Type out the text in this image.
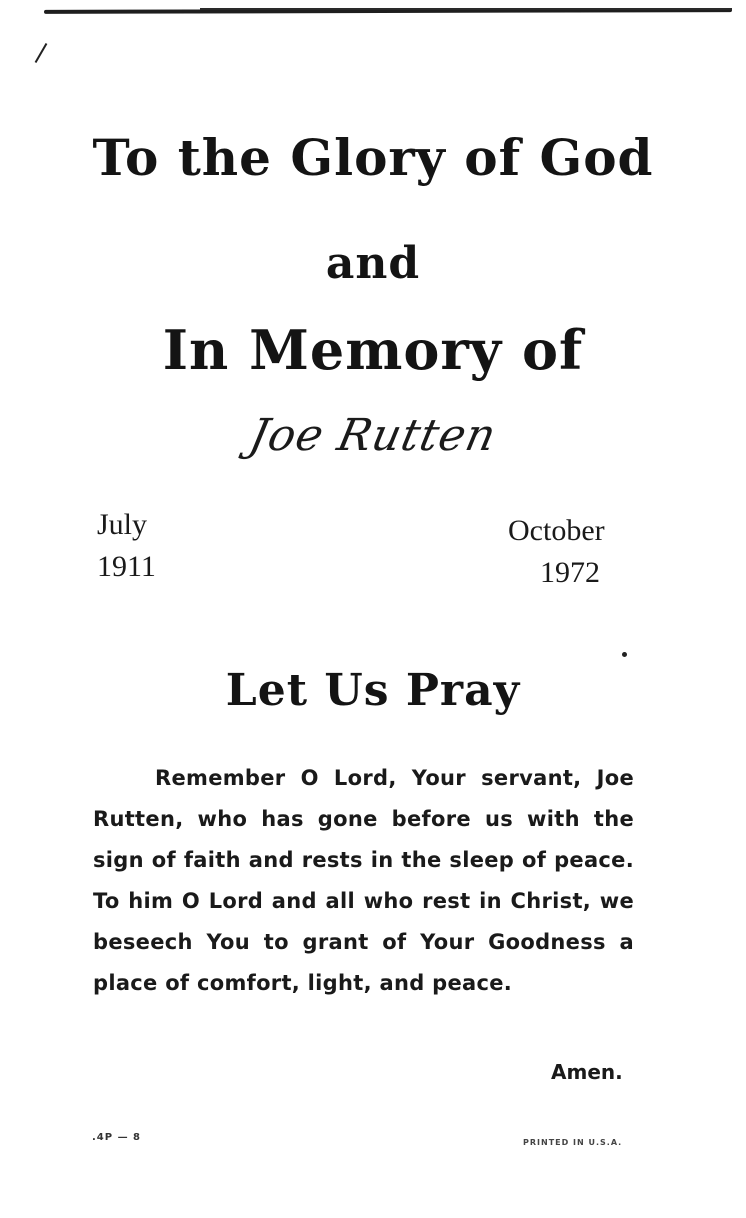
To the Glory of God
and
In Memory of
Joe Rutten
July
1911
October
1972
Let Us Pray
Remember O Lord, Your servant, Joe Rutten, who has gone before us with the sign of faith and rests in the sleep of peace. To him O Lord and all who rest in Christ, we beseech You to grant of Your Goodness a place of comfort, light, and peace.
Amen.
.4P — 8	PRINTED IN U.S.A.
